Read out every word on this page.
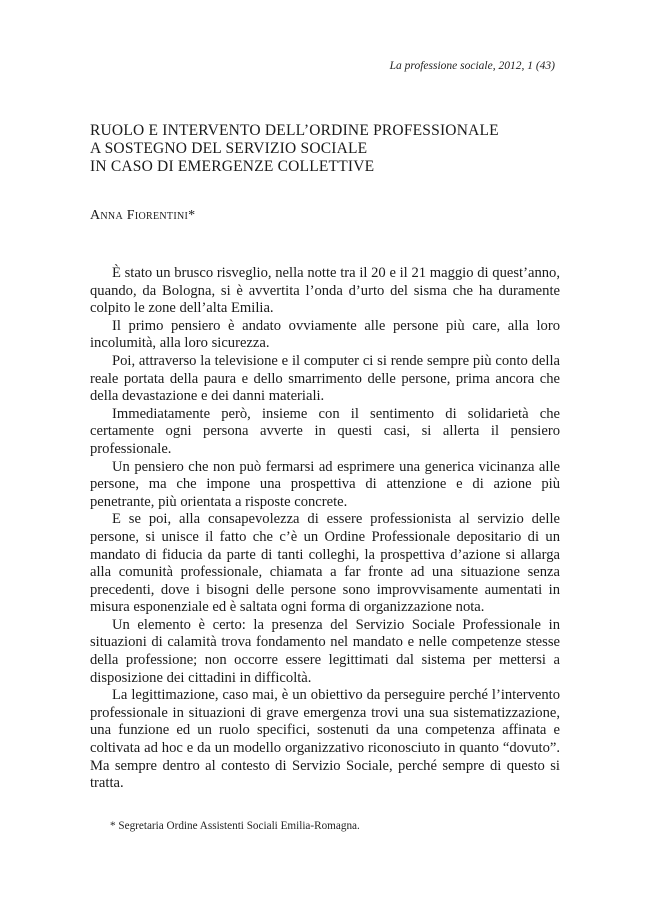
La professione sociale, 2012, 1 (43)
RUOLO E INTERVENTO DELL’ORDINE PROFESSIONALE
A SOSTEGNO DEL SERVIZIO SOCIALE
IN CASO DI EMERGENZE COLLETTIVE
Anna Fiorentini*

È stato un brusco risveglio, nella notte tra il 20 e il 21 maggio di quest’anno, quando, da Bologna, si è avvertita l’onda d’urto del sisma che ha duramente colpito le zone dell’alta Emilia.

Il primo pensiero è andato ovviamente alle persone più care, alla loro incolumità, alla loro sicurezza.

Poi, attraverso la televisione e il computer ci si rende sempre più conto della reale portata della paura e dello smarrimento delle persone, prima ancora che della devastazione e dei danni materiali.

Immediatamente però, insieme con il sentimento di solidarietà che certamente ogni persona avverte in questi casi, si allerta il pensiero professionale.

Un pensiero che non può fermarsi ad esprimere una generica vicinanza alle persone, ma che impone una prospettiva di attenzione e di azione più penetrante, più orientata a risposte concrete.

E se poi, alla consapevolezza di essere professionista al servizio delle persone, si unisce il fatto che c’è un Ordine Professionale depositario di un mandato di fiducia da parte di tanti colleghi, la prospettiva d’azione si allarga alla comunità professionale, chiamata a far fronte ad una situazione senza precedenti, dove i bisogni delle persone sono improvvisamente aumentati in misura esponenziale ed è saltata ogni forma di organizzazione nota.

Un elemento è certo: la presenza del Servizio Sociale Professionale in situazioni di calamità trova fondamento nel mandato e nelle competenze stesse della professione; non occorre essere legittimati dal sistema per mettersi a disposizione dei cittadini in difficoltà.

La legittimazione, caso mai, è un obiettivo da perseguire perché l’intervento professionale in situazioni di grave emergenza trovi una sua sistematizzazione, una funzione ed un ruolo specifici, sostenuti da una competenza affinata e coltivata ad hoc e da un modello organizzativo riconosciuto in quanto “dovuto”. Ma sempre dentro al contesto di Servizio Sociale, perché sempre di questo si tratta.

* Segretaria Ordine Assistenti Sociali Emilia-Romagna.
